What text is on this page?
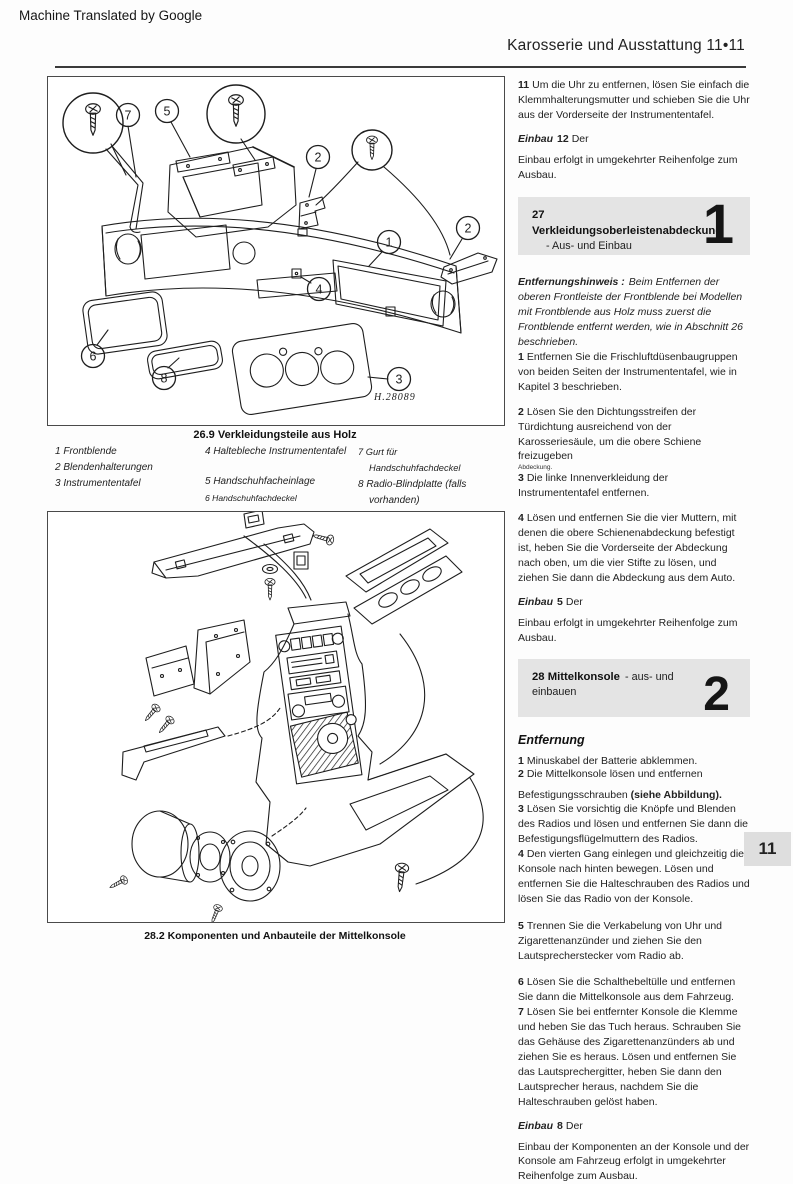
Machine Translated by Google
Karosserie und Ausstattung 11•11
7	5
2
2
1
4
6
8	3
H.28089
26.9 Verkleidungsteile aus Holz
1 Frontblende
2 Blendenhalterungen
3 Instrumententafel
4 Haltebleche Instrumententafel
5 Handschuhfacheinlage
6 Handschuhfachdeckel
7 Gurt für Handschuhfachdeckel
8 Radio-Blindplatte (falls vorhanden)
28.2 Komponenten und Anbauteile der Mittelkonsole

11 Um die Uhr zu entfernen, lösen Sie einfach die Klemmhalterungsmutter und schieben Sie die Uhr aus der Vorderseite der Instrumententafel.

Einbau 12 Der

Einbau erfolgt in umgekehrter Reihenfolge zum Ausbau.

27 Verkleidungsoberleistenabdeckung
- Aus- und Einbau	1

Entfernungshinweis : Beim Entfernen der oberen Frontleiste der Frontblende bei Modellen mit Frontblende aus Holz muss zuerst die Frontblende entfernt werden, wie in Abschnitt 26 beschrieben.

1 Entfernen Sie die Frischluftdüsenbaugruppen von beiden Seiten der Instrumententafel, wie in Kapitel 3 beschrieben.

2 Lösen Sie den Dichtungsstreifen der Türdichtung ausreichend von der Karosseriesäule, um die obere Schiene freizugeben
Abdeckung.

3 Die linke Innenverkleidung der Instrumententafel entfernen.

4 Lösen und entfernen Sie die vier Muttern, mit denen die obere Schienenabdeckung befestigt ist, heben Sie die Vorderseite der Abdeckung nach oben, um die vier Stifte zu lösen, und ziehen Sie dann die Abdeckung aus dem Auto.

Einbau 5 Der

Einbau erfolgt in umgekehrter Reihenfolge zum Ausbau.

28 Mittelkonsole - aus- und einbauen	2

Entfernung

1 Minuskabel der Batterie abklemmen.

2 Die Mittelkonsole lösen und entfernen

Befestigungsschrauben (siehe Abbildung).

3 Lösen Sie vorsichtig die Knöpfe und Blenden des Radios und lösen und entfernen Sie dann die Befestigungsflügelmuttern des Radios.

4 Den vierten Gang einlegen und gleichzeitig die Konsole nach hinten bewegen. Lösen und entfernen Sie die Halteschrauben des Radios und lösen Sie das Radio von der Konsole.

5 Trennen Sie die Verkabelung von Uhr und Zigarettenanzünder und ziehen Sie den Lautsprecherstecker vom Radio ab.

6 Lösen Sie die Schalthebeltülle und entfernen Sie dann die Mittelkonsole aus dem Fahrzeug.

7 Lösen Sie bei entfernter Konsole die Klemme und heben Sie das Tuch heraus. Schrauben Sie das Gehäuse des Zigarettenanzünders ab und ziehen Sie es heraus. Lösen und entfernen Sie das Lautsprechergitter, heben Sie dann den Lautsprecher heraus, nachdem Sie die Halteschrauben gelöst haben.

Einbau 8 Der

Einbau der Komponenten an der Konsole und der Konsole am Fahrzeug erfolgt in umgekehrter Reihenfolge zum Ausbau.

11
